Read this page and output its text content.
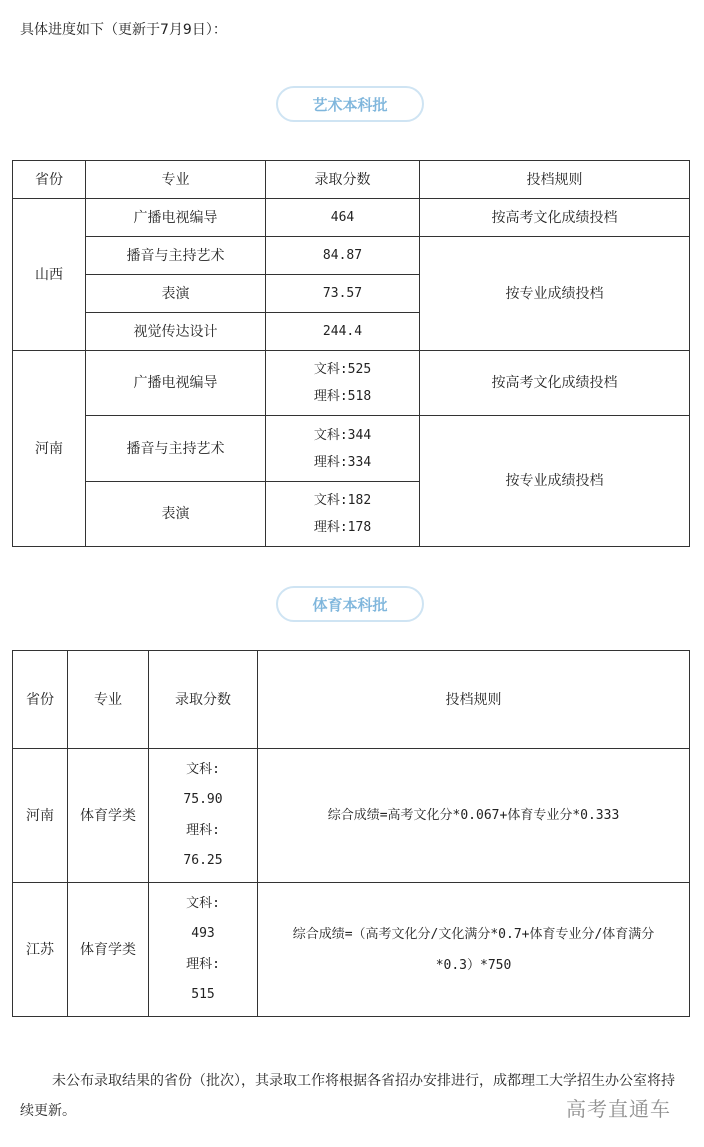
具体进度如下（更新于7月9日）：
艺术本科批
省份	专业	录取分数	投档规则
山西	广播电视编导	464	按高考文化成绩投档
	播音与主持艺术	84.87	按专业成绩投档
	表演	73.57	
	视觉传达设计	244.4	
河南	广播电视编导	文科:525
理科:518	按高考文化成绩投档
	播音与主持艺术	文科:344
理科:334	按专业成绩投档
	表演	文科:182
理科:178	
体育本科批
省份	专业	录取分数	投档规则
河南	体育学类	文科:
75.90
理科:
76.25	综合成绩=高考文化分*0.067+体育专业分*0.333
江苏	体育学类	文科:
493
理科:
515	综合成绩=（高考文化分/文化满分*0.7+体育专业分/体育满分
*0.3）*750
未公布录取结果的省份（批次），其录取工作将根据各省招办安排进行，成都理工大学招生办公室将持续更新。	高考直通车
